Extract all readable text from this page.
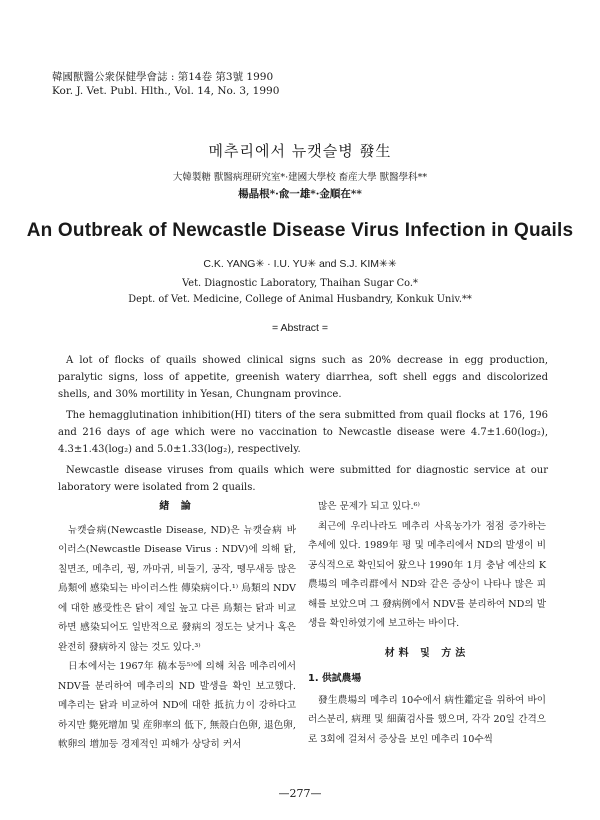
韓國獸醫公衆保健學會誌 : 第14卷 第3號 1990
Kor. J. Vet. Publ. Hlth., Vol. 14, No. 3, 1990
메추리에서 뉴캣슬병 發生
大韓製糖 獸醫病理研究室*·建國大學校 畜産大學 獸醫學科**
楊晶根*·兪一雄*·金順在**
An Outbreak of Newcastle Disease Virus Infection in Quails
C.K. YANG✳ · I.U. YU✳ and S.J. KIM✳✳
Vet. Diagnostic Laboratory, Thaihan Sugar Co.*
Dept. of Vet. Medicine, College of Animal Husbandry, Konkuk Univ.**
= Abstract =

A lot of flocks of quails showed clinical signs such as 20% decrease in egg production, paralytic signs, loss of appetite, greenish watery diarrhea, soft shell eggs and discolorized shells, and 30% mortility in Yesan, Chungnam province.

The hemagglutination inhibition(HI) titers of the sera submitted from quail flocks at 176, 196 and 216 days of age which were no vaccination to Newcastle disease were 4.7±1.60(log₂), 4.3±1.43(log₂) and 5.0±1.33(log₂), respectively.

Newcastle disease viruses from quails which were submitted for diagnostic service at our laboratory were isolated from 2 quails.

緖 論

뉴캣슬病(Newcastle Disease, ND)은 뉴캣슬病 바이러스(Newcastle Disease Virus : NDV)에 의해 닭, 칠면조, 메추리, 꿩, 까마귀, 비둘기, 공작, 뗑무새등 많은 鳥類에 感染되는 바이러스性 傳染病이다.¹⁾ 鳥類의 NDV에 대한 感受性은 닭이 제일 높고 다른 鳥類는 닭과 비교하면 感染되어도 일반적으로 發病의 정도는 낮거나 혹은 완전히 發病하지 않는 것도 있다.³⁾

日本에서는 1967年 稿本등⁵⁾에 의해 처음 메추리에서 NDV를 분리하여 메추리의 ND 발생을 확인 보고했다. 메추리는 닭과 비교하여 ND에 대한 抵抗力이 강하다고 하지만 斃死增加 및 産卵率의 低下, 無殼白色卵, 退色卵, 軟卵의 增加등 경제적인 피해가 상당히 커서

많은 문제가 되고 있다.⁶⁾

최근에 우리나라도 메추리 사육농가가 점점 증가하는 추세에 있다. 1989年 평 및 메추리에서 ND의 발생이 비공식적으로 확인되어 왔으나 1990年 1月 충남 예산의 K農場의 메추리群에서 ND와 같은 증상이 나타나 많은 피해를 보았으며 그 發病例에서 NDV를 분리하여 ND의 발생을 확인하였기에 보고하는 바이다.

材料 및 方法
1. 供試農場

發生農場의 메추리 10수에서 病性鑑定을 위하여 바이러스분리, 病理 및 細菌검사를 했으며, 각각 20일 간격으로 3회에 걸쳐서 증상을 보인 메추리 10수씩

—277—
